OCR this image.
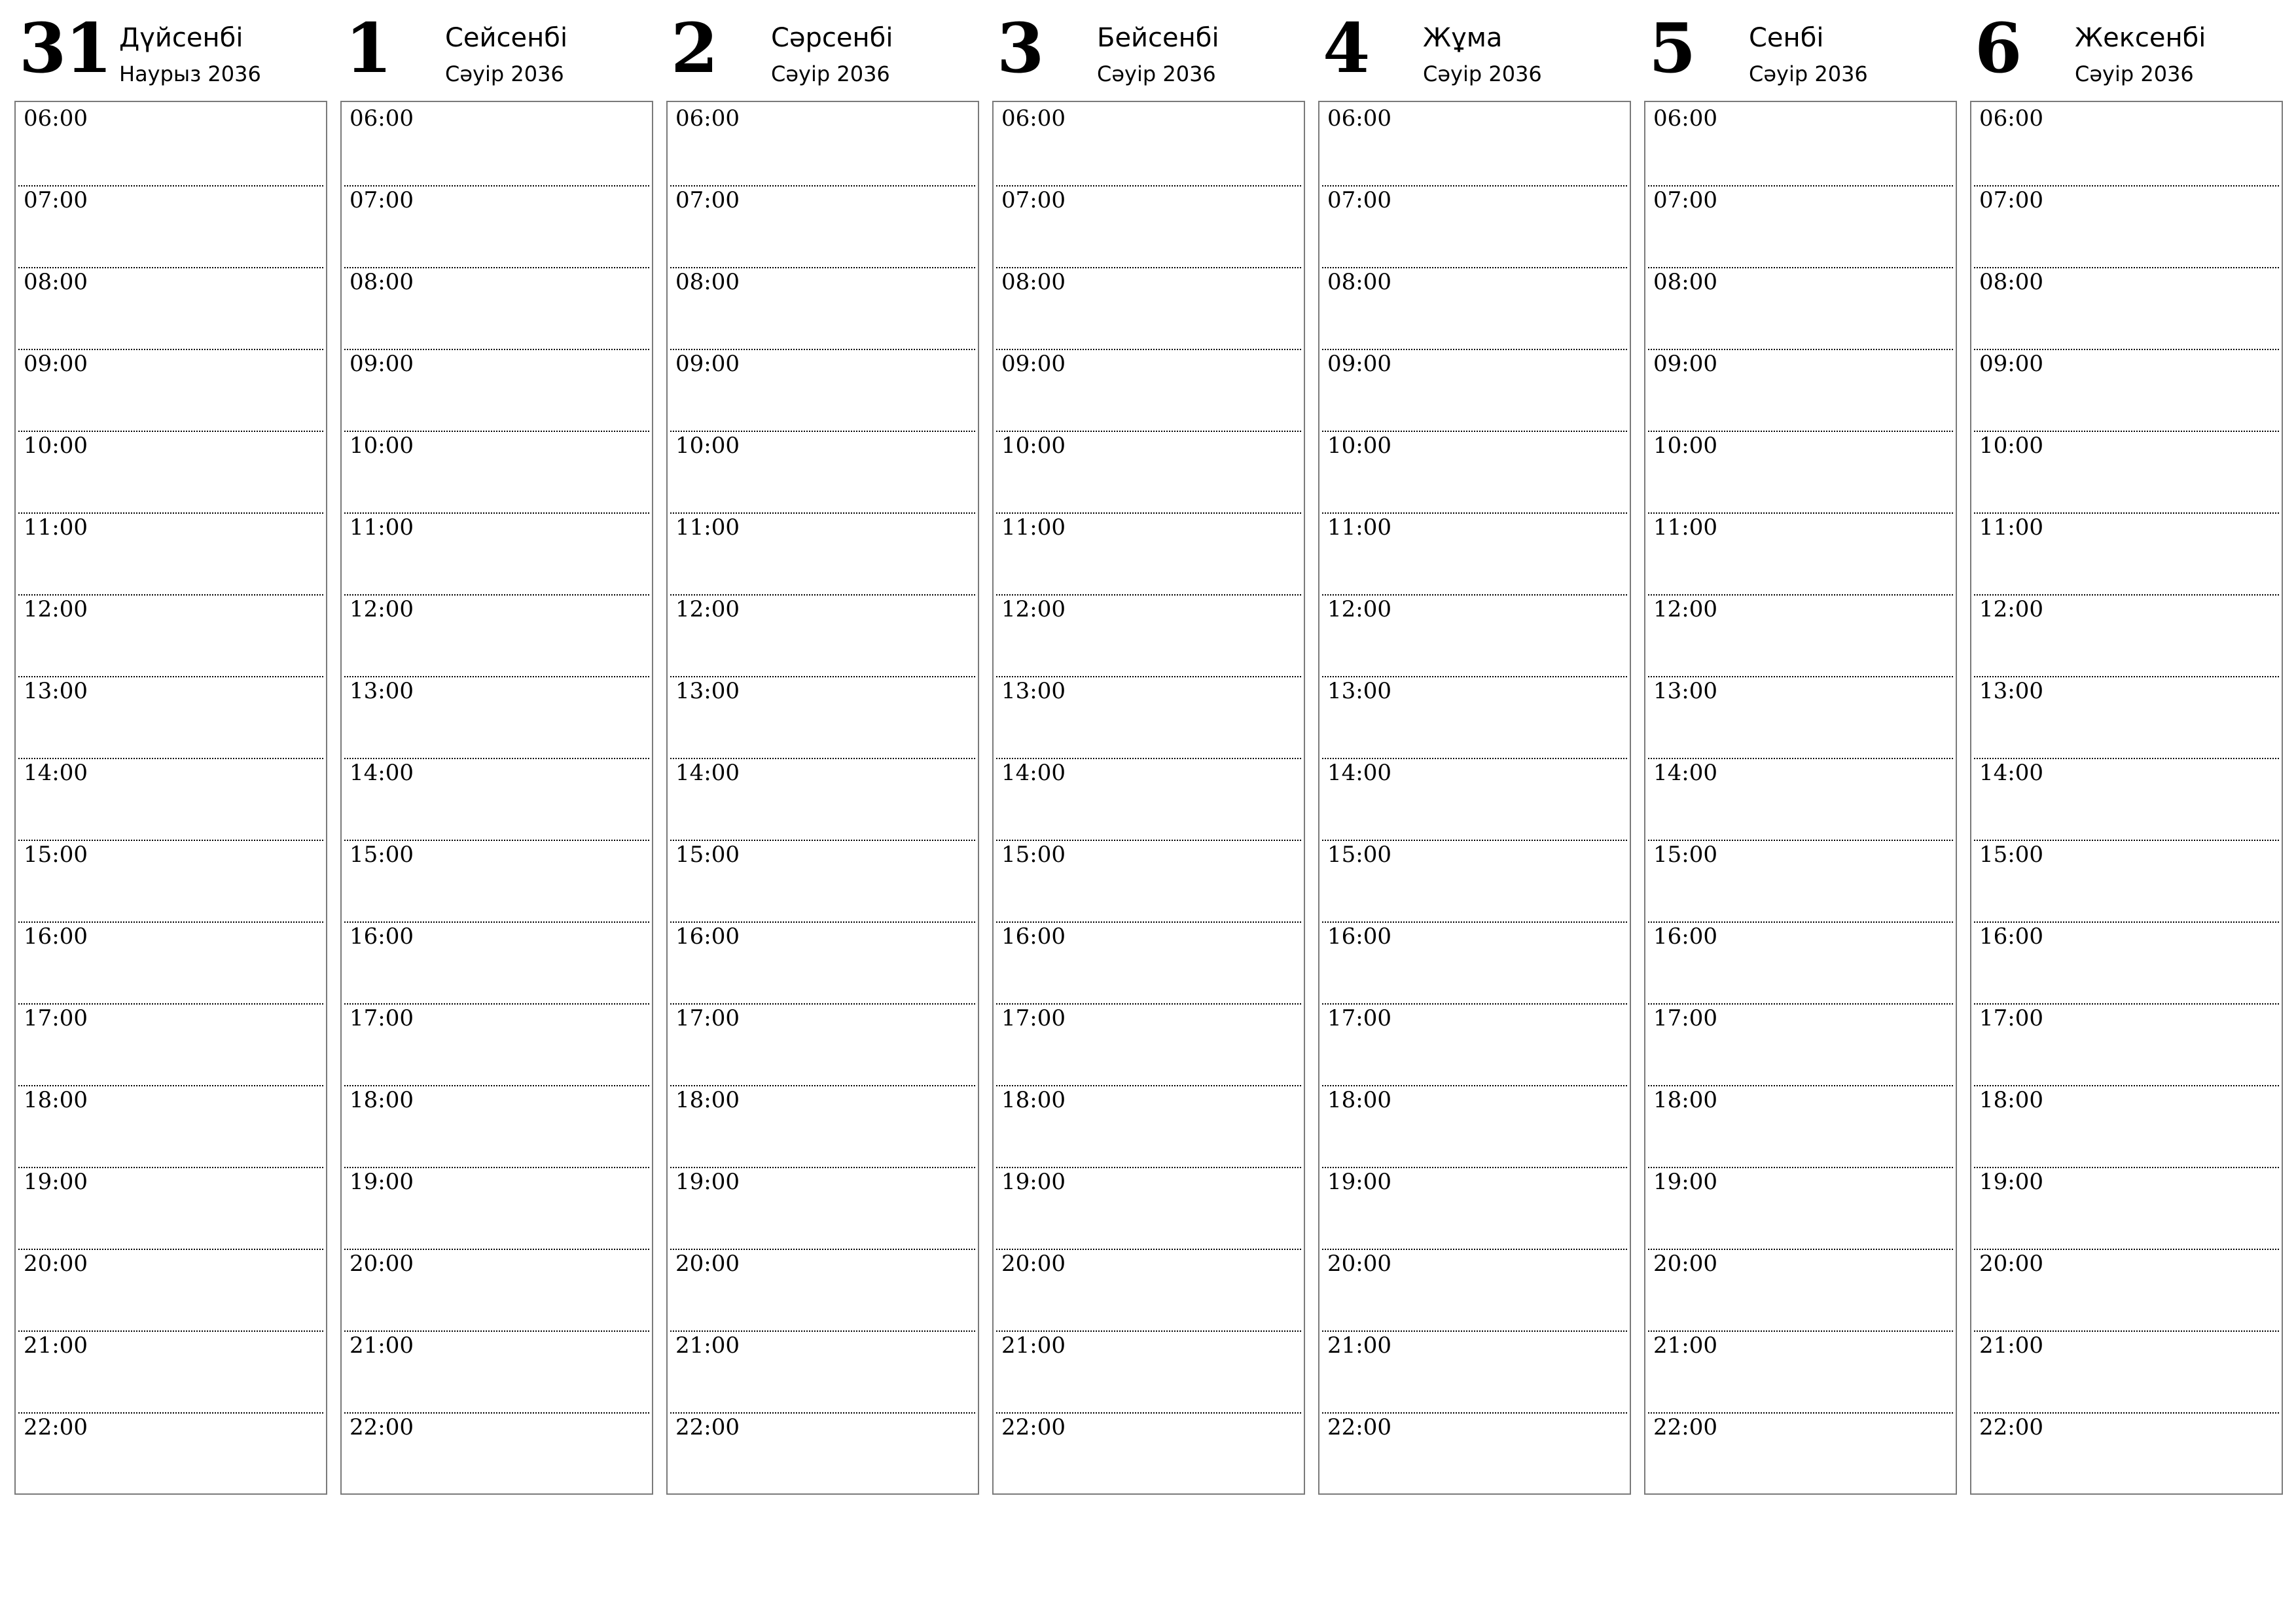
31 Дүйсенбі
Наурыз 2036
06:00
07:00
08:00
09:00
10:00
11:00
12:00
13:00
14:00
15:00
16:00
17:00
18:00
19:00
20:00
21:00
22:00
1 Сейсенбі
Сәуір 2036
06:00
07:00
08:00
09:00
10:00
11:00
12:00
13:00
14:00
15:00
16:00
17:00
18:00
19:00
20:00
21:00
22:00
2 Сәрсенбі
Сәуір 2036
06:00
07:00
08:00
09:00
10:00
11:00
12:00
13:00
14:00
15:00
16:00
17:00
18:00
19:00
20:00
21:00
22:00
3 Бейсенбі
Сәуір 2036
06:00
07:00
08:00
09:00
10:00
11:00
12:00
13:00
14:00
15:00
16:00
17:00
18:00
19:00
20:00
21:00
22:00
4 Жұма
Сәуір 2036
06:00
07:00
08:00
09:00
10:00
11:00
12:00
13:00
14:00
15:00
16:00
17:00
18:00
19:00
20:00
21:00
22:00
5 Сенбі
Сәуір 2036
06:00
07:00
08:00
09:00
10:00
11:00
12:00
13:00
14:00
15:00
16:00
17:00
18:00
19:00
20:00
21:00
22:00
6 Жексенбі
Сәуір 2036
06:00
07:00
08:00
09:00
10:00
11:00
12:00
13:00
14:00
15:00
16:00
17:00
18:00
19:00
20:00
21:00
22:00
